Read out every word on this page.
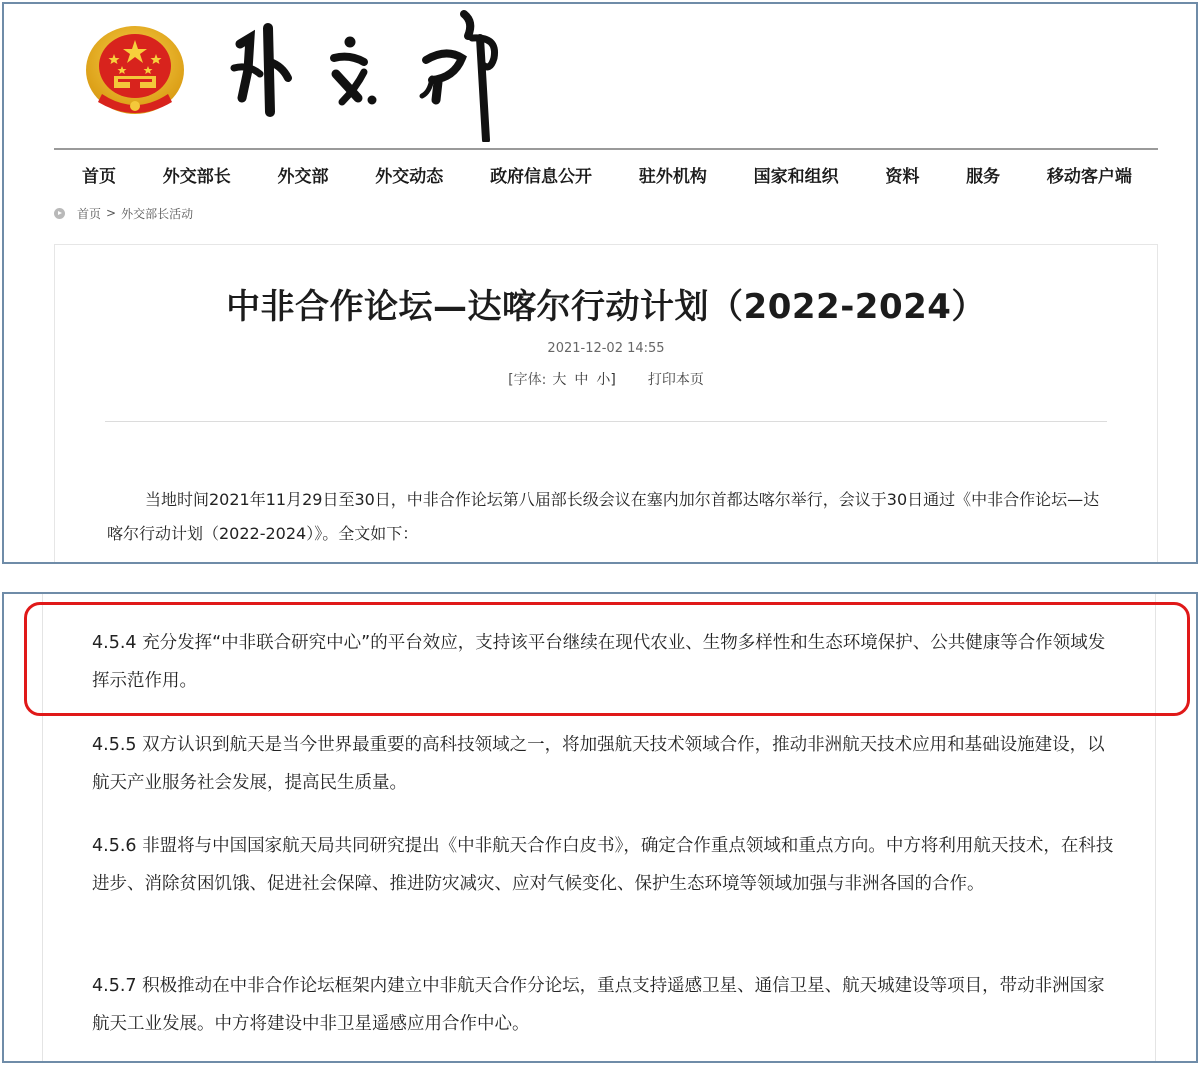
首页	外交部长	外交部	外交动态	政府信息公开	驻外机构	国家和组织	资料	服务	移动客户端
首页 > 外交部长活动
中非合作论坛—达喀尔行动计划（2022-2024）
2021-12-02 14:55
[字体: 大 中 小] 打印本页

当地时间2021年11月29日至30日，中非合作论坛第八届部长级会议在塞内加尔首都达喀尔举行，会议于30日通过《中非合作论坛—达喀尔行动计划（2022-2024）》。全文如下：

4.5.4 充分发挥“中非联合研究中心”的平台效应，支持该平台继续在现代农业、生物多样性和生态环境保护、公共健康等合作领域发挥示范作用。

4.5.5 双方认识到航天是当今世界最重要的高科技领域之一，将加强航天技术领域合作，推动非洲航天技术应用和基础设施建设，以航天产业服务社会发展，提高民生质量。

4.5.6 非盟将与中国国家航天局共同研究提出《中非航天合作白皮书》，确定合作重点领域和重点方向。中方将利用航天技术，在科技进步、消除贫困饥饿、促进社会保障、推进防灾减灾、应对气候变化、保护生态环境等领域加强与非洲各国的合作。

4.5.7 积极推动在中非合作论坛框架内建立中非航天合作分论坛，重点支持遥感卫星、通信卫星、航天城建设等项目，带动非洲国家航天工业发展。中方将建设中非卫星遥感应用合作中心。
